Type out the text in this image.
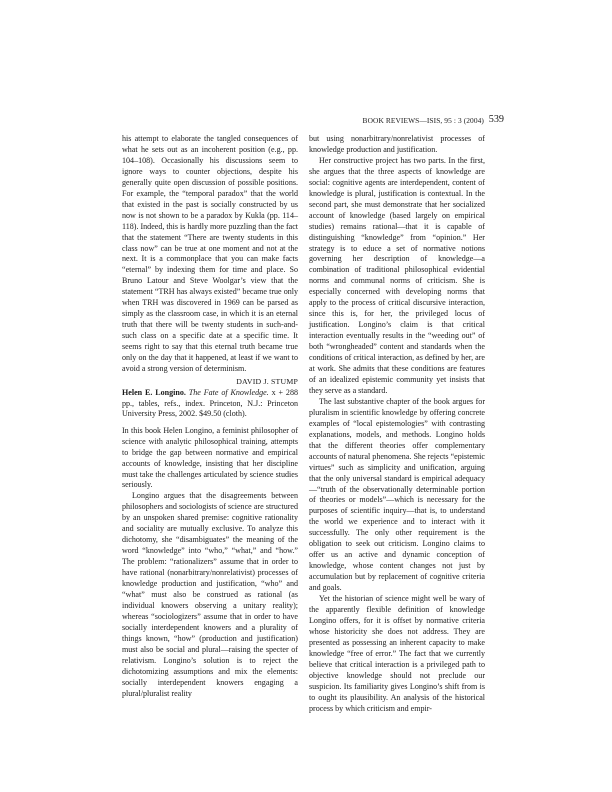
BOOK REVIEWS—ISIS, 95 : 3 (2004) 539

his attempt to elaborate the tangled consequences of what he sets out as an incoherent position (e.g., pp. 104–108). Occasionally his discussions seem to ignore ways to counter objections, despite his generally quite open discussion of possible positions. For example, the “temporal paradox” that the world that existed in the past is socially constructed by us now is not shown to be a paradox by Kukla (pp. 114–118). Indeed, this is hardly more puzzling than the fact that the statement “There are twenty students in this class now” can be true at one moment and not at the next. It is a commonplace that you can make facts “eternal” by indexing them for time and place. So Bruno Latour and Steve Woolgar’s view that the statement “TRH has always existed” became true only when TRH was discovered in 1969 can be parsed as simply as the classroom case, in which it is an eternal truth that there will be twenty students in such-and-such class on a specific date at a specific time. It seems right to say that this eternal truth became true only on the day that it happened, at least if we want to avoid a strong version of determinism.

DAVID J. STUMP

Helen E. Longino. The Fate of Knowledge. x + 288 pp., tables, refs., index. Princeton, N.J.: Princeton University Press, 2002. $49.50 (cloth).

In this book Helen Longino, a feminist philosopher of science with analytic philosophical training, attempts to bridge the gap between normative and empirical accounts of knowledge, insisting that her discipline must take the challenges articulated by science studies seriously.

Longino argues that the disagreements between philosophers and sociologists of science are structured by an unspoken shared premise: cognitive rationality and sociality are mutually exclusive. To analyze this dichotomy, she “disambiguates” the meaning of the word “knowledge” into “who,” “what,” and “how.” The problem: “rationalizers” assume that in order to have rational (nonarbitrary/nonrelativist) processes of knowledge production and justification, “who” and “what” must also be construed as rational (as individual knowers observing a unitary reality); whereas “sociologizers” assume that in order to have socially interdependent knowers and a plurality of things known, “how” (production and justification) must also be social and plural—raising the specter of relativism. Longino’s solution is to reject the dichotomizing assumptions and mix the elements: socially interdependent knowers engaging a plural/pluralist reality

but using nonarbitrary/nonrelativist processes of knowledge production and justification.

Her constructive project has two parts. In the first, she argues that the three aspects of knowledge are social: cognitive agents are interdependent, content of knowledge is plural, justification is contextual. In the second part, she must demonstrate that her socialized account of knowledge (based largely on empirical studies) remains rational—that it is capable of distinguishing “knowledge” from “opinion.” Her strategy is to educe a set of normative notions governing her description of knowledge—a combination of traditional philosophical evidential norms and communal norms of criticism. She is especially concerned with developing norms that apply to the process of critical discursive interaction, since this is, for her, the privileged locus of justification. Longino’s claim is that critical interaction eventually results in the “weeding out” of both “wrongheaded” content and standards when the conditions of critical interaction, as defined by her, are at work. She admits that these conditions are features of an idealized epistemic community yet insists that they serve as a standard.

The last substantive chapter of the book argues for pluralism in scientific knowledge by offering concrete examples of “local epistemologies” with contrasting explanations, models, and methods. Longino holds that the different theories offer complementary accounts of natural phenomena. She rejects “epistemic virtues” such as simplicity and unification, arguing that the only universal standard is empirical adequacy—“truth of the observationally determinable portion of theories or models”—which is necessary for the purposes of scientific inquiry—that is, to understand the world we experience and to interact with it successfully. The only other requirement is the obligation to seek out criticism. Longino claims to offer us an active and dynamic conception of knowledge, whose content changes not just by accumulation but by replacement of cognitive criteria and goals.

Yet the historian of science might well be wary of the apparently flexible definition of knowledge Longino offers, for it is offset by normative criteria whose historicity she does not address. They are presented as possessing an inherent capacity to make knowledge “free of error.” The fact that we currently believe that critical interaction is a privileged path to objective knowledge should not preclude our suspicion. Its familiarity gives Longino’s shift from is to ought its plausibility. An analysis of the historical process by which criticism and empir-
